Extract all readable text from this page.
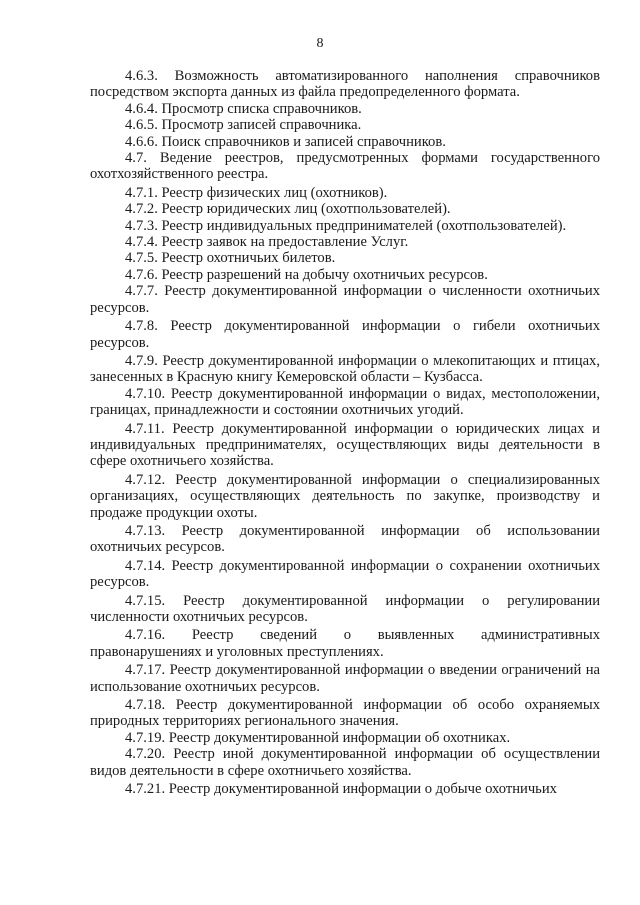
8

4.6.3. Возможность автоматизированного наполнения справочников посредством экспорта данных из файла предопределенного формата.

4.6.4. Просмотр списка справочников.

4.6.5. Просмотр записей справочника.

4.6.6. Поиск справочников и записей справочников.

4.7. Ведение реестров, предусмотренных формами государственного охотхозяйственного реестра.

4.7.1. Реестр физических лиц (охотников).

4.7.2. Реестр юридических лиц (охотпользователей).

4.7.3. Реестр индивидуальных предпринимателей (охотпользователей).

4.7.4. Реестр заявок на предоставление Услуг.

4.7.5. Реестр охотничьих билетов.

4.7.6. Реестр разрешений на добычу охотничьих ресурсов.

4.7.7. Реестр документированной информации о численности охотничьих ресурсов.

4.7.8. Реестр документированной информации о гибели охотничьих ресурсов.

4.7.9. Реестр документированной информации о млекопитающих и птицах, занесенных в Красную книгу Кемеровской области – Кузбасса.

4.7.10. Реестр документированной информации о видах, местоположении, границах, принадлежности и состоянии охотничьих угодий.

4.7.11. Реестр документированной информации о юридических лицах и индивидуальных предпринимателях, осуществляющих виды деятельности в сфере охотничьего хозяйства.

4.7.12. Реестр документированной информации о специализированных организациях, осуществляющих деятельность по закупке, производству и продаже продукции охоты.

4.7.13. Реестр документированной информации об использовании охотничьих ресурсов.

4.7.14. Реестр документированной информации о сохранении охотничьих ресурсов.

4.7.15. Реестр документированной информации о регулировании численности охотничьих ресурсов.

4.7.16. Реестр сведений о выявленных административных правонарушениях и уголовных преступлениях.

4.7.17. Реестр документированной информации о введении ограничений на использование охотничьих ресурсов.

4.7.18. Реестр документированной информации об особо охраняемых природных территориях регионального значения.

4.7.19. Реестр документированной информации об охотниках.

4.7.20. Реестр иной документированной информации об осуществлении видов деятельности в сфере охотничьего хозяйства.

4.7.21. Реестр документированной информации о добыче охотничьих
